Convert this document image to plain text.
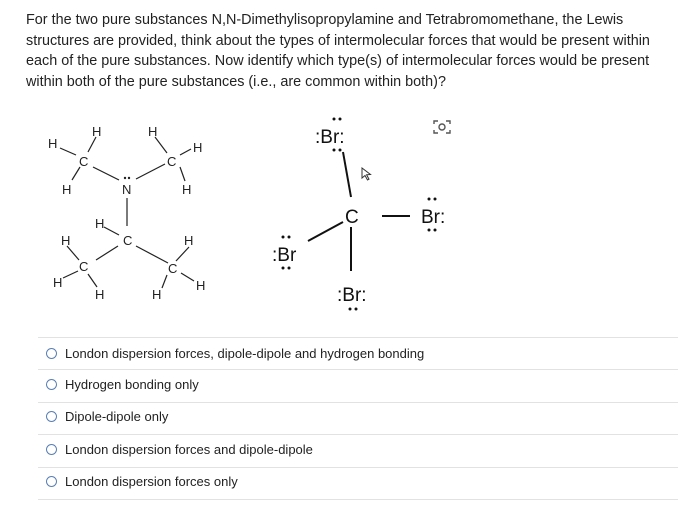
For the two pure substances N,N-Dimethylisopropylamine and Tetrabromomethane, the Lewis
structures are provided, think about the types of intermolecular forces that would be present within
each of the pure substances. Now identify which type(s) of intermolecular forces would be present
within both of the pure substances (i.e., are common within both)?
H
H
C
H
H
C
H
H
N
H
C
H	H
C	C
H	H
H	H
:Br:
C	Br:
:Br
:Br:
London dispersion forces, dipole-dipole and hydrogen bonding
Hydrogen bonding only
Dipole-dipole only
London dispersion forces and dipole-dipole
London dispersion forces only
